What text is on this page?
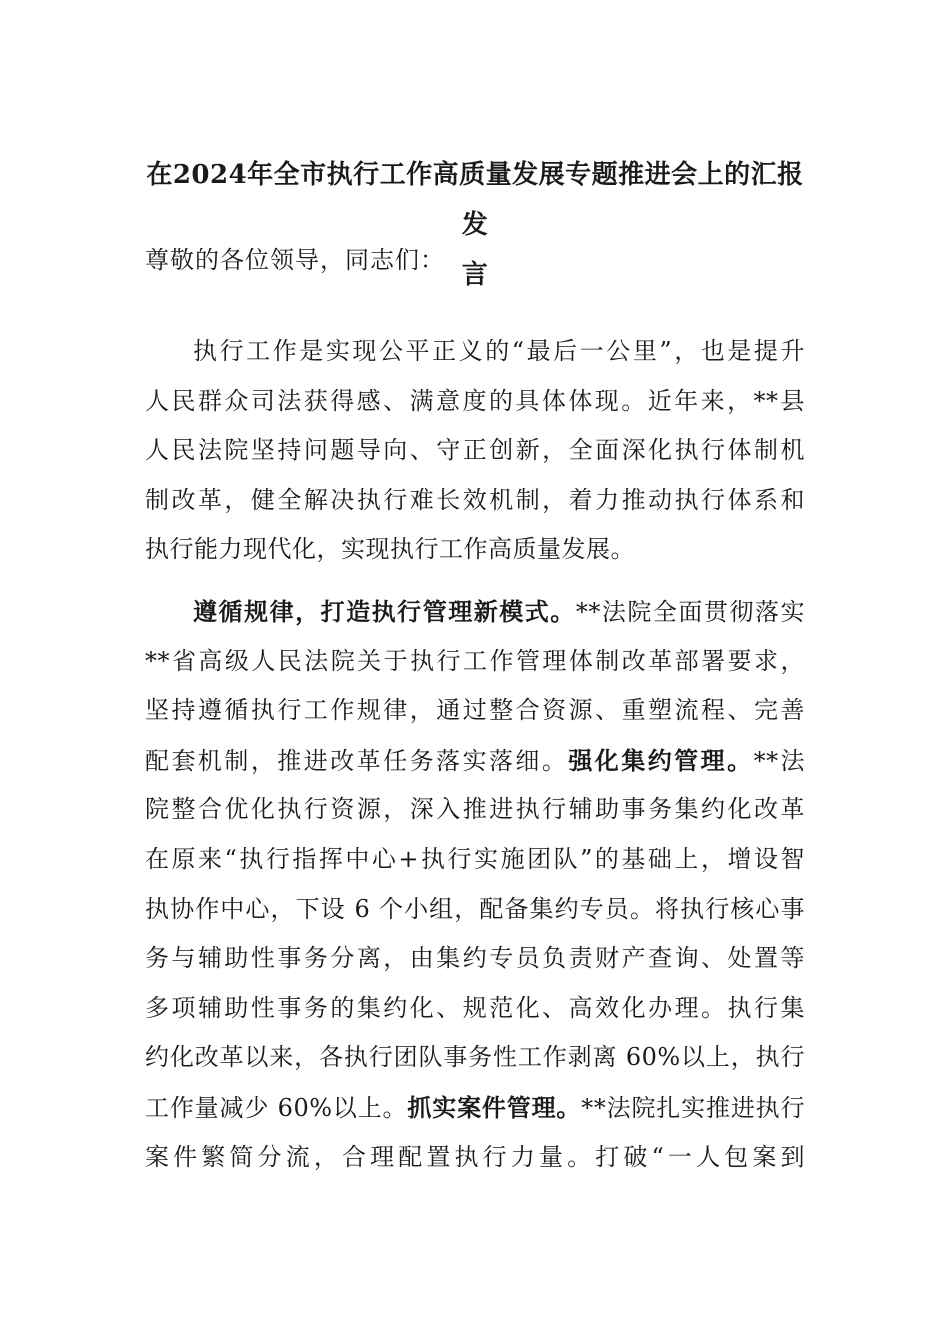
在2024年全市执行工作高质量发展专题推进会上的汇报发
言
尊敬的各位领导，同志们：
执行工作是实现公平正义的“最后一公里”，也是提升
人民群众司法获得感、满意度的具体体现。近年来，**县
人民法院坚持问题导向、守正创新，全面深化执行体制机
制改革，健全解决执行难长效机制，着力推动执行体系和
执行能力现代化，实现执行工作高质量发展。
遵循规律，打造执行管理新模式。**法院全面贯彻落实
**省高级人民法院关于执行工作管理体制改革部署要求，
坚持遵循执行工作规律，通过整合资源、重塑流程、完善
配套机制，推进改革任务落实落细。强化集约管理。**法
院整合优化执行资源，深入推进执行辅助事务集约化改革
在原来“执行指挥中心+执行实施团队”的基础上，增设智
执协作中心，下设 6 个小组，配备集约专员。将执行核心事
务与辅助性事务分离，由集约专员负责财产查询、处置等
多项辅助性事务的集约化、规范化、高效化办理。执行集
约化改革以来，各执行团队事务性工作剥离 60%以上，执行
工作量减少 60%以上。抓实案件管理。**法院扎实推进执行
案件繁简分流，合理配置执行力量。打破“一人包案到
